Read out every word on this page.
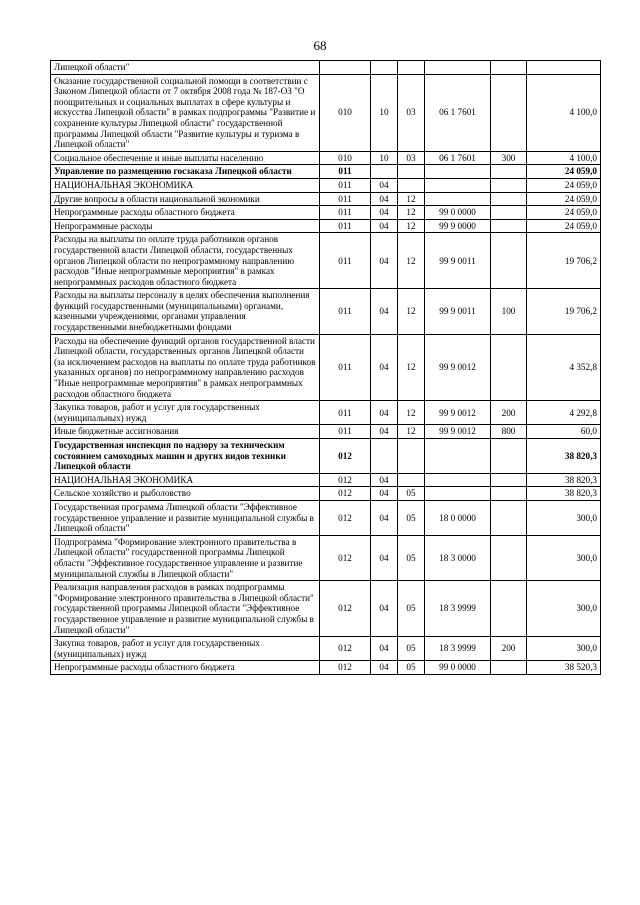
68
Липецкой области"						
Оказание государственной социальной помощи в соответствии с Законом Липецкой области от 7 октября 2008 года № 187-ОЗ "О поощрительных и социальных выплатах в сфере культуры и искусства Липецкой области" в рамках подпрограммы "Развитие и сохранение культуры Липецкой области" государственной программы Липецкой области "Развитие культуры и туризма в Липецкой области"	010	10	03	06 1 7601		4 100,0
Социальное обеспечение и иные выплаты населению	010	10	03	06 1 7601	300	4 100,0
Управление по размещению госзаказа Липецкой области	011					24 059,0
НАЦИОНАЛЬНАЯ ЭКОНОМИКА	011	04				24 059,0
Другие вопросы в области национальной экономики	011	04	12			24 059,0
Непрограммные расходы областного бюджета	011	04	12	99 0 0000		24 059,0
Непрограммные расходы	011	04	12	99 9 0000		24 059,0
Расходы на выплаты по оплате труда работников органов государственной власти Липецкой области, государственных органов Липецкой области по непрограммному направлению расходов "Иные непрограммные мероприятия" в рамках непрограммных расходов областного бюджета	011	04	12	99 9 0011		19 706,2
Расходы на выплаты персоналу в целях обеспечения выполнения функций государственными (муниципальными) органами, казенными учреждениями, органами управления государственными внебюджетными фондами	011	04	12	99 9 0011	100	19 706,2
Расходы на обеспечение функций органов государственной власти Липецкой области, государственных органов Липецкой области (за исключением расходов на выплаты по оплате труда работников указанных органов) по непрограммному направлению расходов "Иные непрограммные мероприятия" в рамках непрограммных расходов областного бюджета	011	04	12	99 9 0012		4 352,8
Закупка товаров, работ и услуг для государственных (муниципальных) нужд	011	04	12	99 9 0012	200	4 292,8
Иные бюджетные ассигнования	011	04	12	99 9 0012	800	60,0
Государственная инспекция по надзору за техническим состоянием самоходных машин и других видов техники Липецкой области	012					38 820,3
НАЦИОНАЛЬНАЯ ЭКОНОМИКА	012	04				38 820,3
Сельское хозяйство и рыболовство	012	04	05			38 820,3
Государственная программа Липецкой области "Эффективное государственное управление и развитие муниципальной службы в Липецкой области"	012	04	05	18 0 0000		300,0
Подпрограмма "Формирование электронного правительства в Липецкой области" государственной программы Липецкой области "Эффективное государственное управление и развитие муниципальной службы в Липецкой области"	012	04	05	18 3 0000		300,0
Реализация направления расходов в рамках подпрограммы "Формирование электронного правительства в Липецкой области" государственной программы Липецкой области "Эффективное государственное управление и развитие муниципальной службы в Липецкой области"	012	04	05	18 3 9999		300,0
Закупка товаров, работ и услуг для государственных (муниципальных) нужд	012	04	05	18 3 9999	200	300,0
Непрограммные расходы областного бюджета	012	04	05	99 0 0000		38 520,3
